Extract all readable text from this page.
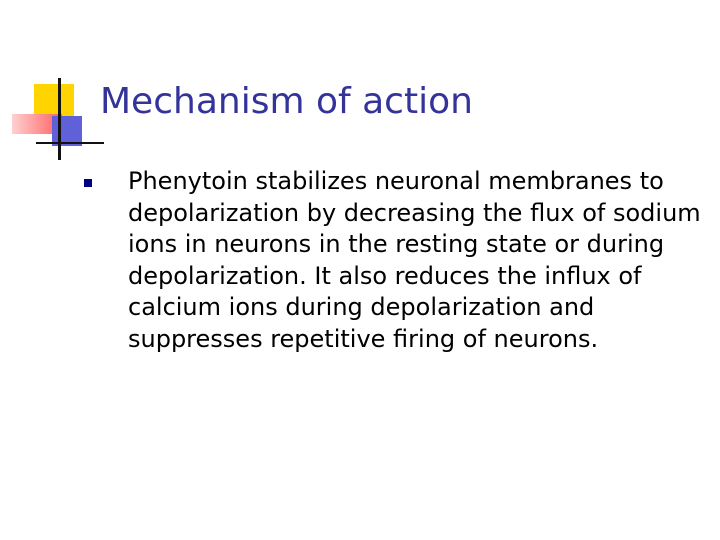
Mechanism of action
Phenytoin stabilizes neuronal membranes to depolarization by decreasing the flux of sodium ions in neurons in the resting state or during depolarization. It also reduces the influx of calcium ions during depolarization and suppresses repetitive firing of neurons.
